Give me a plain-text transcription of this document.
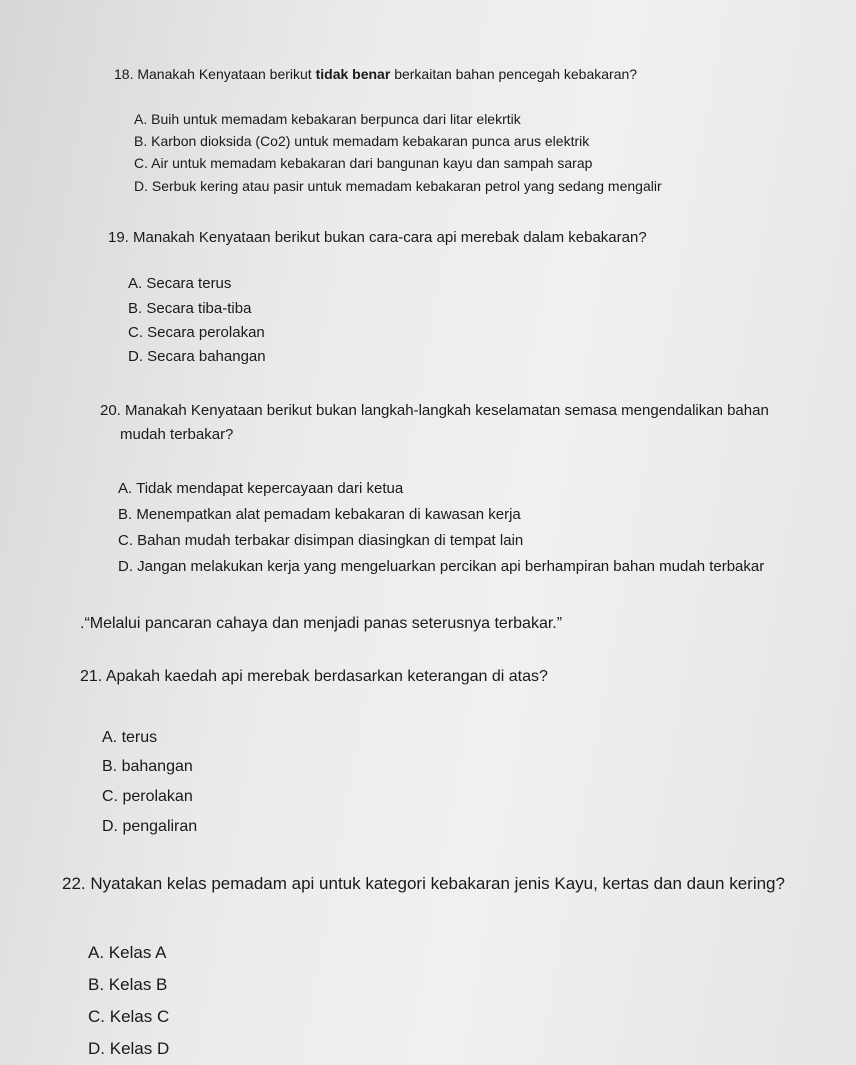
18. Manakah Kenyataan berikut tidak benar berkaitan bahan pencegah kebakaran?
A. Buih untuk memadam kebakaran berpunca dari litar elekrtik
B. Karbon dioksida (Co2) untuk memadam kebakaran punca arus elektrik
C. Air untuk memadam kebakaran dari bangunan kayu dan sampah sarap
D. Serbuk kering atau pasir untuk memadam kebakaran petrol yang sedang mengalir
19. Manakah Kenyataan berikut bukan cara-cara api merebak dalam kebakaran?
A. Secara terus
B. Secara tiba-tiba
C. Secara perolakan
D. Secara bahangan
20. Manakah Kenyataan berikut bukan langkah-langkah keselamatan semasa mengendalikan bahan
mudah terbakar?
A. Tidak mendapat kepercayaan dari ketua
B. Menempatkan alat pemadam kebakaran di kawasan kerja
C. Bahan mudah terbakar disimpan diasingkan di tempat lain
D. Jangan melakukan kerja yang mengeluarkan percikan api berhampiran bahan mudah terbakar
.“Melalui pancaran cahaya dan menjadi panas seterusnya terbakar.”
21. Apakah kaedah api merebak berdasarkan keterangan di atas?
A. terus
B. bahangan
C. perolakan
D. pengaliran
22. Nyatakan kelas pemadam api untuk kategori kebakaran jenis Kayu, kertas dan daun kering?
A. Kelas A
B. Kelas B
C. Kelas C
D. Kelas D
